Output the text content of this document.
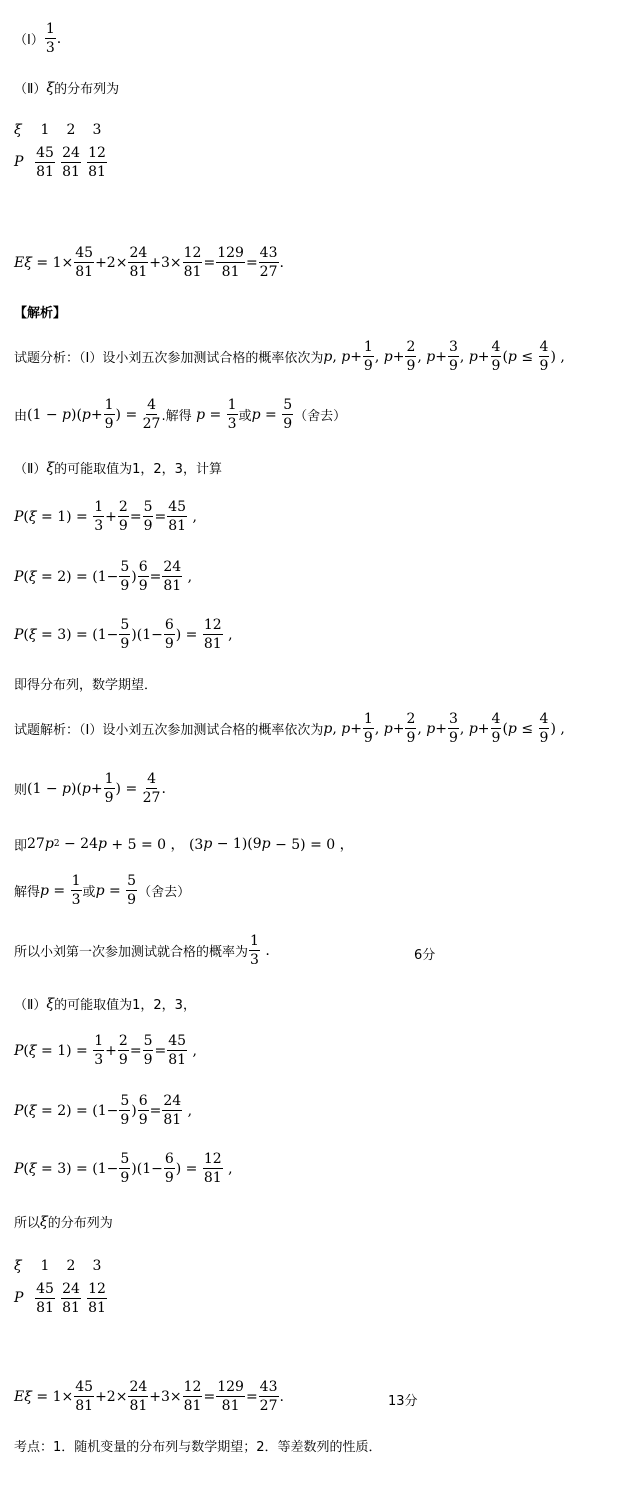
（Ⅰ） $\frac{1}{3}$ .
（Ⅱ） ξ 的分布列为
ξ	1	2	3
P $\frac{45}{81} \frac{24}{81} \frac{12}{81}$
E $\xi = 1\times \frac{45}{81} +2\times \frac{24}{81} +3\times \frac{12}{81} = \frac{129}{81} = \frac{43}{27}$ .
【解析】
试题分析：（Ⅰ）设小刘五次参加测试合格的概率依次为 p , $p + \frac{1}{9}$ , $p + \frac{2}{9}$ , $p + \frac{3}{9}$ , $p + \frac{4}{9}$ ( $p \le \frac{4}{9}$ ) ,
由 (1 − p )( $p + \frac{1}{9}$ ) = $\frac{4}{27}$ .解得
$p = \frac{1}{3}$ 或 $p = \frac{5}{9}$ （舍去）
（Ⅱ） ξ 的可能取值为1，2，3，计算
P ( $\xi = 1) = \frac{1}{3} + \frac{2}{9} = \frac{5}{9} = \frac{45}{81}$ ,
P ( $\xi = 2) = (1- \frac{5}{9}$ ) $\frac{6}{9} = \frac{24}{81}$ ,
P ( $\xi = 3) = (1- \frac{5}{9} )(1- \frac{6}{9}$ ) = $\frac{12}{81}$ ,
即得分布列，数学期望．
试题解析：（Ⅰ）设小刘五次参加测试合格的概率依次为 p , $p + \frac{1}{9}$ , $p + \frac{2}{9}$ , $p + \frac{3}{9}$ , $p + \frac{4}{9}$ ( $p \le \frac{4}{9}$ ) ,
则 (1 − p )( $p + \frac{1}{9}$ ) = $\frac{4}{27}$ .
即 27 p 2 − 24 p + 5 = 0 ， (3 p − 1)(9 p − 5) = 0 ，
解得 $p = \frac{1}{3}$ 或 $p = \frac{5}{9}$ （舍去）
所以小刘第一次参加测试就合格的概率为 $\frac{1}{3}$ .	6分
（Ⅱ） ξ 的可能取值为1，2，3，
P ( $\xi = 1) = \frac{1}{3} + \frac{2}{9} = \frac{5}{9} = \frac{45}{81}$ ,
P ( $\xi = 2) = (1- \frac{5}{9}$ ) $\frac{6}{9} = \frac{24}{81}$ ,
P ( $\xi = 3) = (1- \frac{5}{9} )(1- \frac{6}{9}$ ) = $\frac{12}{81}$ ,
所以 ξ 的分布列为
ξ	1	2	3
P $\frac{45}{81} \frac{24}{81} \frac{12}{81}$
E $\xi = 1\times \frac{45}{81} +2\times \frac{24}{81} +3\times \frac{12}{81} = \frac{129}{81} = \frac{43}{27}$ .	13分
考点：1．随机变量的分布列与数学期望；2．等差数列的性质．
